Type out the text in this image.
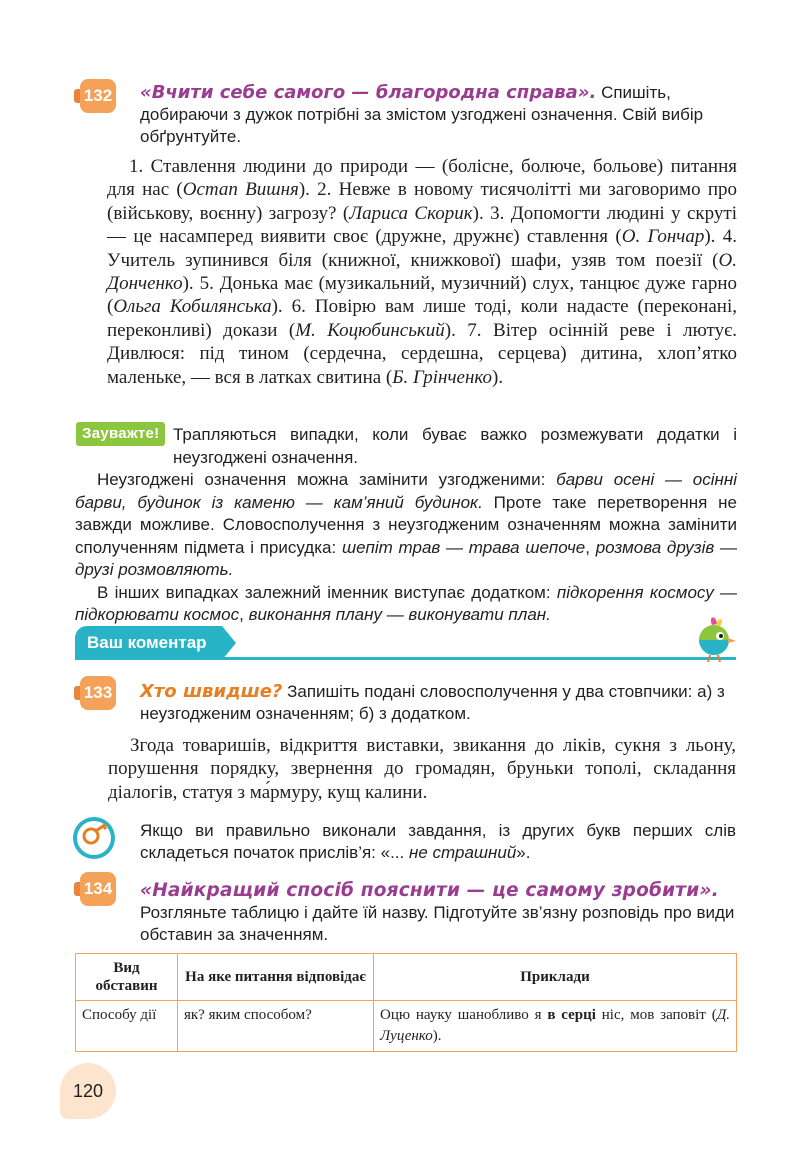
132 «Вчити себе самого — благородна справа». Спишіть, добираючи з дужок потрібні за змістом узгоджені означення. Свій вибір обґрунтуйте.

1. Ставлення людини до природи — (болісне, болюче, больове) питання для нас (Остап Вишня). 2. Невже в новому тисячолітті ми заговоримо про (військову, воєнну) загрозу? (Лариса Скорик). 3. Допомогти людині у скруті — це насамперед виявити своє (дружне, дружнє) ставлення (О. Гончар). 4. Учитель зупинився біля (книжної, книжкової) шафи, узяв том поезії (О. Донченко). 5. Донька має (музикальний, музичний) слух, танцює дуже гарно (Ольга Кобилянська). 6. Повірю вам лише тоді, коли надасте (переконані, переконливі) докази (М. Коцюбинський). 7. Вітер осінній реве і лютує. Дивлюся: під тином (сердечна, сердешна, серцева) дитина, хлоп’ятко маленьке, — вся в латках свитина (Б. Грінченко).

Зауважте! Трапляються випадки, коли буває важко розмежувати додатки і неузгоджені означення.
Неузгоджені означення можна замінити узгодженими: барви осені — осінні барви, будинок із каменю — кам’яний будинок. Проте таке перетворення не завжди можливе. Словосполучення з неузгодженим означенням можна замінити сполученням підмета і присудка: шепіт трав — трава шепоче, розмова друзів — друзі розмовляють.
В інших випадках залежний іменник виступає додатком: підкорення космосу — підкорювати космос, виконання плану — виконувати план.
Ваш коментар
133 Хто швидше? Запишіть подані словосполучення у два стовпчики: а) з неузгодженим означенням; б) з додатком.

Згода товаришів, відкриття виставки, звикання до ліків, сукня з льону, порушення порядку, звернення до громадян, бруньки тополі, складання діалогів, статуя з ма́рмуру, кущ калини.

Якщо ви правильно виконали завдання, із других букв перших слів складеться початок прислів’я: «... не страшний».
134 «Найкращий спосіб пояснити — це самому зробити».
Розгляньте таблицю і дайте їй назву. Підготуйте зв’язну розповідь про види обставин за значенням.
Вид обставин	На яке питання відповідає	Приклади
Способу дії	як? яким способом?	Оцю науку шанобливо я в серці ніс, мов заповіт (Д. Луценко).
120
